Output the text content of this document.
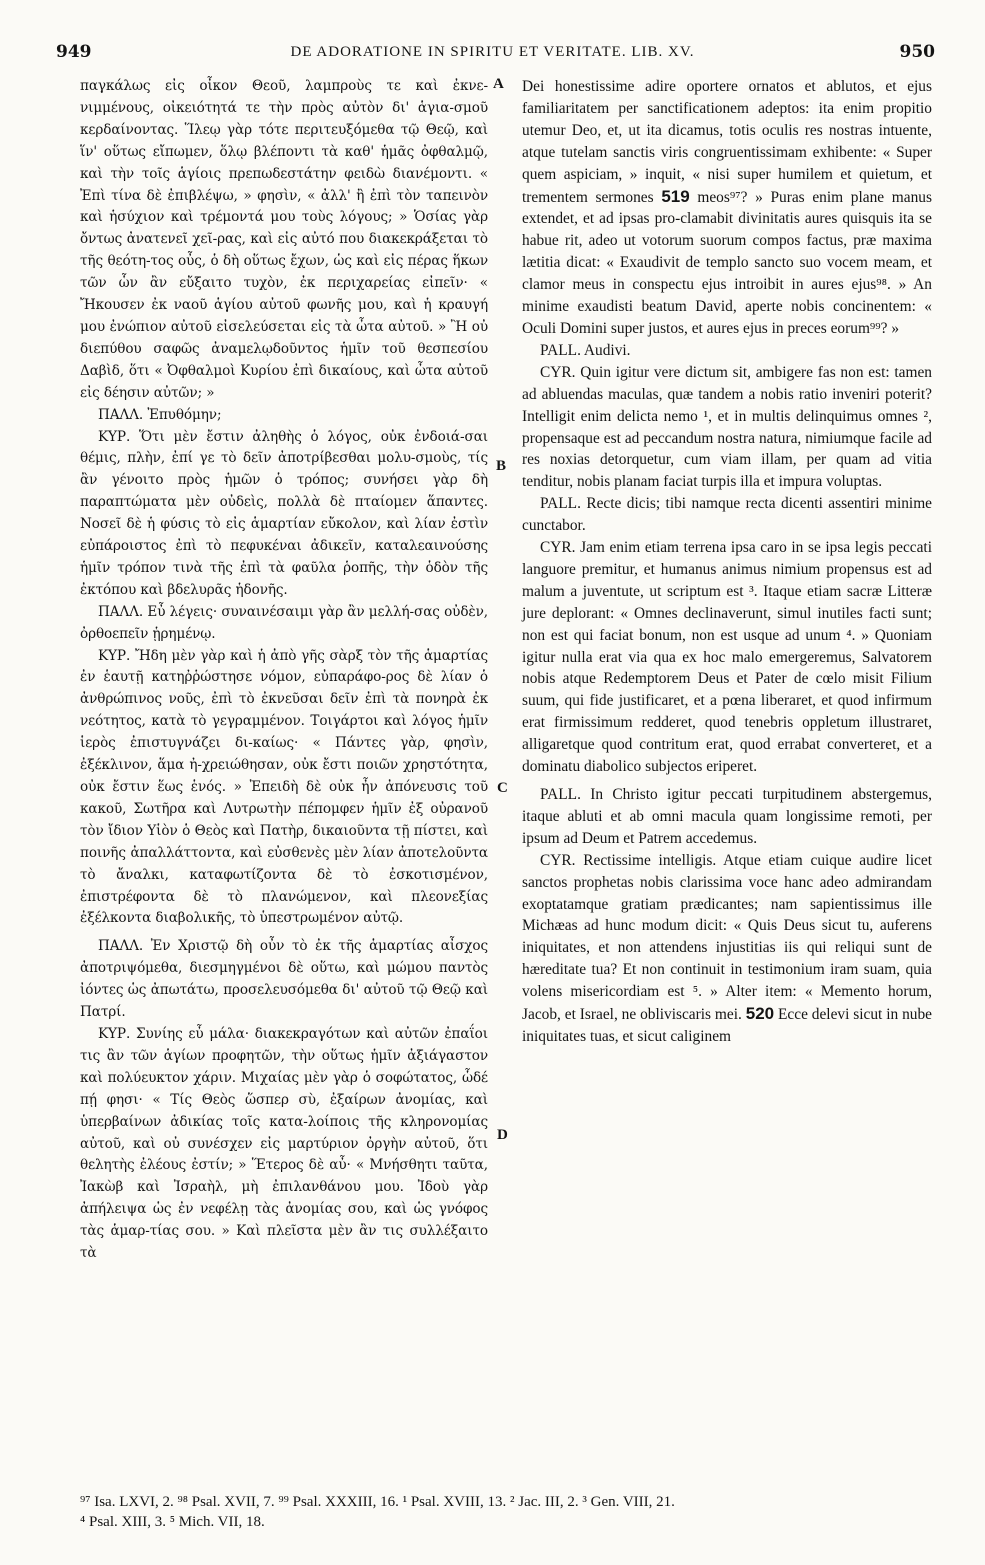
949	DE ADORATIONE IN SPIRITU ET VERITATE. LIB. XV.	950

παγκάλως εἰς οἶκον Θεοῦ, λαμπροὺς τε καὶ ἐκνε-νιμμένους, οἰκειότητά τε τὴν πρὸς αὐτὸν δι' ἁγια-σμοῦ κερδαίνοντας. Ἵλεῳ γὰρ τότε περιτευξόμεθα τῷ Θεῷ, καὶ ἵν' οὕτως εἴπωμεν, ὅλῳ βλέποντι τὰ καθ' ἡμᾶς ὀφθαλμῷ, καὶ τὴν τοῖς ἁγίοις πρεπωδεστάτην φειδὼ διανέμοντι. « Ἐπὶ τίνα δὲ ἐπιβλέψω, » φησὶν, « ἀλλ' ἢ ἐπὶ τὸν ταπεινὸν καὶ ἡσύχιον καὶ τρέμοντά μου τοὺς λόγους; » Ὁσίας γὰρ ὄντως ἀνατενεῖ χεῖ-ρας, καὶ εἰς αὐτό που διακεκράξεται τὸ τῆς θεότη-τος οὖς, ὁ δὴ οὕτως ἔχων, ὡς καὶ εἰς πέρας ἥκων τῶν ὧν ἂν εὔξαιτο τυχὸν, ἐκ περιχαρείας εἰπεῖν· « Ἤκουσεν ἐκ ναοῦ ἁγίου αὐτοῦ φωνῆς μου, καὶ ἡ κραυγή μου ἐνώπιον αὐτοῦ εἰσελεύσεται εἰς τὰ ὦτα αὐτοῦ. » Ἢ οὐ διεπύθου σαφῶς ἀναμελῳδοῦντος ἡμῖν τοῦ θεσπεσίου Δαβὶδ, ὅτι « Ὀφθαλμοὶ Κυρίου ἐπὶ δικαίους, καὶ ὦτα αὐτοῦ εἰς δέησιν αὐτῶν; »

ΠΑΛΛ. Ἐπυθόμην;

ΚΥΡ. Ὅτι μὲν ἔστιν ἀληθὴς ὁ λόγος, οὐκ ἐνδοιά-σαι θέμις, πλὴν, ἐπί γε τὸ δεῖν ἀποτρίβεσθαι μολυ-σμοὺς, τίς ἂν γένοιτο πρὸς ἡμῶν ὁ τρόπος; συνήσει γὰρ δὴ παραπτώματα μὲν οὐδεὶς, πολλὰ δὲ πταίομεν ἅπαντες. Νοσεῖ δὲ ἡ φύσις τὸ εἰς ἁμαρτίαν εὔκολον, καὶ λίαν ἐστὶν εὐπάροιστος ἐπὶ τὸ πεφυκέναι ἀδικεῖν, καταλεαινούσης ἡμῖν τρόπον τινὰ τῆς ἐπὶ τὰ φαῦλα ῥοπῆς, τὴν ὁδὸν τῆς ἐκτόπου καὶ βδελυρᾶς ἡδονῆς.

ΠΑΛΛ. Εὖ λέγεις· συναινέσαιμι γὰρ ἂν μελλή-σας οὐδὲν, ὀρθοεπεῖν ᾑρημένῳ.

ΚΥΡ. Ἤδη μὲν γὰρ καὶ ἡ ἀπὸ γῆς σὰρξ τὸν τῆς ἁμαρτίας ἐν ἑαυτῇ κατηῤῥώστησε νόμον, εὐπαράφο-ρος δὲ λίαν ὁ ἀνθρώπινος νοῦς, ἐπὶ τὸ ἐκνεῦσαι δεῖν ἐπὶ τὰ πονηρὰ ἐκ νεότητος, κατὰ τὸ γεγραμμένον. Τοιγάρτοι καὶ λόγος ἡμῖν ἱερὸς ἐπιστυγνάζει δι-καίως· « Πάντες γὰρ, φησὶν, ἐξέκλινον, ἅμα ἠ-χρειώθησαν, οὐκ ἔστι ποιῶν χρηστότητα, οὐκ ἔστιν ἕως ἑνός. » Ἐπειδὴ δὲ οὐκ ἦν ἀπόνευσις τοῦ κακοῦ, Σωτῆρα καὶ Λυτρωτὴν πέπομφεν ἡμῖν ἐξ οὐρανοῦ τὸν ἴδιον Υἱὸν ὁ Θεὸς καὶ Πατὴρ, δικαιοῦντα τῇ πίστει, καὶ ποινῆς ἀπαλλάττοντα, καὶ εὐσθενὲς μὲν λίαν ἀποτελοῦντα τὸ ἄναλκι, καταφωτίζοντα δὲ τὸ ἐσκοτισμένον, ἐπιστρέφοντα δὲ τὸ πλανώμενον, καὶ πλεονεξίας ἐξέλκοντα διαβολικῆς, τὸ ὑπεστρωμένον αὐτῷ.

ΠΑΛΛ. Ἐν Χριστῷ δὴ οὖν τὸ ἐκ τῆς ἁμαρτίας αἶσχος ἀποτριψόμεθα, διεσμηγμένοι δὲ οὕτω, καὶ μώμου παντὸς ἰόντες ὡς ἀπωτάτω, προσελευσόμεθα δι' αὐτοῦ τῷ Θεῷ καὶ Πατρί.

ΚΥΡ. Συνίης εὖ μάλα· διακεκραγότων καὶ αὐτῶν ἐπαΐοι τις ἂν τῶν ἁγίων προφητῶν, τὴν οὕτως ἡμῖν ἀξιάγαστον καὶ πολύευκτον χάριν. Μιχαίας μὲν γὰρ ὁ σοφώτατος, ὧδέ πῄ φησι· « Τίς Θεὸς ὥσπερ σὺ, ἐξαίρων ἀνομίας, καὶ ὑπερβαίνων ἀδικίας τοῖς κατα-λοίποις τῆς κληρονομίας αὐτοῦ, καὶ οὐ συνέσχεν εἰς μαρτύριον ὀργὴν αὐτοῦ, ὅτι θελητὴς ἐλέους ἐστίν; » Ἕτερος δὲ αὖ· « Μνήσθητι ταῦτα, Ἰακὼβ καὶ Ἰσραὴλ, μὴ ἐπιλανθάνου μου. Ἰδοὺ γὰρ ἀπήλειψα ὡς ἐν νεφέλῃ τὰς ἀνομίας σου, καὶ ὡς γνόφος τὰς ἁμαρ-τίας σου. » Καὶ πλεῖστα μὲν ἂν τις συλλέξαιτο τὰ

A
B
C
D

Dei honestissime adire oportere ornatos et ablutos, et ejus familiaritatem per sanctificationem adeptos: ita enim propitio utemur Deo, et, ut ita dicamus, totis oculis res nostras intuente, atque tutelam sanctis viris congruentissimam exhibente: « Super quem aspiciam, » inquit, « nisi super humilem et quietum, et trementem sermones 519 meos⁹⁷? » Puras enim plane manus extendet, et ad ipsas pro-clamabit divinitatis aures quisquis ita se habue rit, adeo ut votorum suorum compos factus, præ maxima lætitia dicat: « Exaudivit de templo sancto suo vocem meam, et clamor meus in conspectu ejus introibit in aures ejus⁹⁸. » An minime exaudisti beatum David, aperte nobis concinentem: « Oculi Domini super justos, et aures ejus in preces eorum⁹⁹? »

PALL. Audivi.

CYR. Quin igitur vere dictum sit, ambigere fas non est: tamen ad abluendas maculas, quæ tandem a nobis ratio inveniri poterit? Intelligit enim delicta nemo ¹, et in multis delinquimus omnes ², propensaque est ad peccandum nostra natura, nimiumque facile ad res noxias detorquetur, cum viam illam, per quam ad vitia tenditur, nobis planam faciat turpis illa et impura voluptas.

PALL. Recte dicis; tibi namque recta dicenti assentiri minime cunctabor.

CYR. Jam enim etiam terrena ipsa caro in se ipsa legis peccati languore premitur, et humanus animus nimium propensus est ad malum a juventute, ut scriptum est ³. Itaque etiam sacræ Litteræ jure deplorant: « Omnes declinaverunt, simul inutiles facti sunt; non est qui faciat bonum, non est usque ad unum ⁴. » Quoniam igitur nulla erat via qua ex hoc malo emergeremus, Salvatorem nobis atque Redemptorem Deus et Pater de cœlo misit Filium suum, qui fide justificaret, et a pœna liberaret, et quod infirmum erat firmissimum redderet, quod tenebris oppletum illustraret, alligaretque quod contritum erat, quod errabat converteret, et a dominatu diabolico subjectos eriperet.

PALL. In Christo igitur peccati turpitudinem abstergemus, itaque abluti et ab omni macula quam longissime remoti, per ipsum ad Deum et Patrem accedemus.

CYR. Rectissime intelligis. Atque etiam cuique audire licet sanctos prophetas nobis clarissima voce hanc adeo admirandam exoptatamque gratiam prædicantes; nam sapientissimus ille Michæas ad hunc modum dicit: « Quis Deus sicut tu, auferens iniquitates, et non attendens injustitias iis qui reliqui sunt de hæreditate tua? Et non continuit in testimonium iram suam, quia volens misericordiam est ⁵. » Alter item: « Memento horum, Jacob, et Israel, ne obliviscaris mei. 520 Ecce delevi sicut in nube iniquitates tuas, et sicut caliginem

⁹⁷ Isa. LXVI, 2. ⁹⁸ Psal. XVII, 7. ⁹⁹ Psal. XXXIII, 16. ¹ Psal. XVIII, 13. ² Jac. III, 2. ³ Gen. VIII, 21.
⁴ Psal. XIII, 3. ⁵ Mich. VII, 18.
